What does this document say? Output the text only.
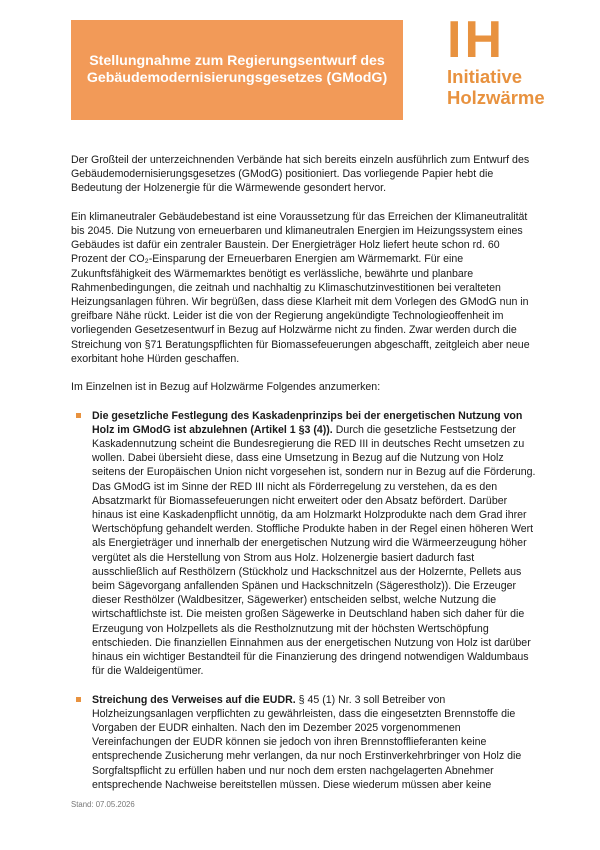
Stellungnahme zum Regierungsentwurf des Gebäudemodernisierungsgesetzes (GModG)

IH
Initiative
Holzwärme

Der Großteil der unterzeichnenden Verbände hat sich bereits einzeln ausführlich zum Entwurf des Gebäudemodernisierungsgesetzes (GModG) positioniert. Das vorliegende Papier hebt die Bedeutung der Holzenergie für die Wärmewende gesondert hervor.

Ein klimaneutraler Gebäudebestand ist eine Voraussetzung für das Erreichen der Klimaneutralität bis 2045. Die Nutzung von erneuerbaren und klimaneutralen Energien im Heizungssystem eines Gebäudes ist dafür ein zentraler Baustein. Der Energieträger Holz liefert heute schon rd. 60 Prozent der CO₂-Einsparung der Erneuerbaren Energien am Wärmemarkt. Für eine Zukunftsfähigkeit des Wärmemarktes benötigt es verlässliche, bewährte und planbare Rahmenbedingungen, die zeitnah und nachhaltig zu Klimaschutzinvestitionen bei veralteten Heizungsanlagen führen. Wir begrüßen, dass diese Klarheit mit dem Vorlegen des GModG nun in greifbare Nähe rückt. Leider ist die von der Regierung angekündigte Technologieoffenheit im vorliegenden Gesetzesentwurf in Bezug auf Holzwärme nicht zu finden. Zwar werden durch die Streichung von §71 Beratungspflichten für Biomassefeuerungen abgeschafft, zeitgleich aber neue exorbitant hohe Hürden geschaffen.

Im Einzelnen ist in Bezug auf Holzwärme Folgendes anzumerken:

Die gesetzliche Festlegung des Kaskadenprinzips bei der energetischen Nutzung von Holz im GModG ist abzulehnen (Artikel 1 §3 (4)). Durch die gesetzliche Festsetzung der Kaskadennutzung scheint die Bundesregierung die RED III in deutsches Recht umsetzen zu wollen. Dabei übersieht diese, dass eine Umsetzung in Bezug auf die Nutzung von Holz seitens der Europäischen Union nicht vorgesehen ist, sondern nur in Bezug auf die Förderung. Das GModG ist im Sinne der RED III nicht als Förderregelung zu verstehen, da es den Absatzmarkt für Biomassefeuerungen nicht erweitert oder den Absatz befördert. Darüber hinaus ist eine Kaskadenpflicht unnötig, da am Holzmarkt Holzprodukte nach dem Grad ihrer Wertschöpfung gehandelt werden. Stoffliche Produkte haben in der Regel einen höheren Wert als Energieträger und innerhalb der energetischen Nutzung wird die Wärmeerzeugung höher vergütet als die Herstellung von Strom aus Holz. Holzenergie basiert dadurch fast ausschließlich auf Resthölzern (Stückholz und Hackschnitzel aus der Holzernte, Pellets aus beim Sägevorgang anfallenden Spänen und Hackschnitzeln (Sägerestholz)). Die Erzeuger dieser Resthölzer (Waldbesitzer, Sägewerker) entscheiden selbst, welche Nutzung die wirtschaftlichste ist. Die meisten großen Sägewerke in Deutschland haben sich daher für die Erzeugung von Holzpellets als die Restholznutzung mit der höchsten Wertschöpfung entschieden. Die finanziellen Einnahmen aus der energetischen Nutzung von Holz ist darüber hinaus ein wichtiger Bestandteil für die Finanzierung des dringend notwendigen Waldumbaus für die Waldeigentümer.
Streichung des Verweises auf die EUDR. § 45 (1) Nr. 3 soll Betreiber von Holzheizungsanlagen verpflichten zu gewährleisten, dass die eingesetzten Brennstoffe die Vorgaben der EUDR einhalten. Nach den im Dezember 2025 vorgenommenen Vereinfachungen der EUDR können sie jedoch von ihren Brennstofflieferanten keine entsprechende Zusicherung mehr verlangen, da nur noch Erstinverkehrbringer von Holz die Sorgfaltspflicht zu erfüllen haben und nur noch dem ersten nachgelagerten Abnehmer entsprechende Nachweise bereitstellen müssen. Diese wiederum müssen aber keine
Stand: 07.05.2026
